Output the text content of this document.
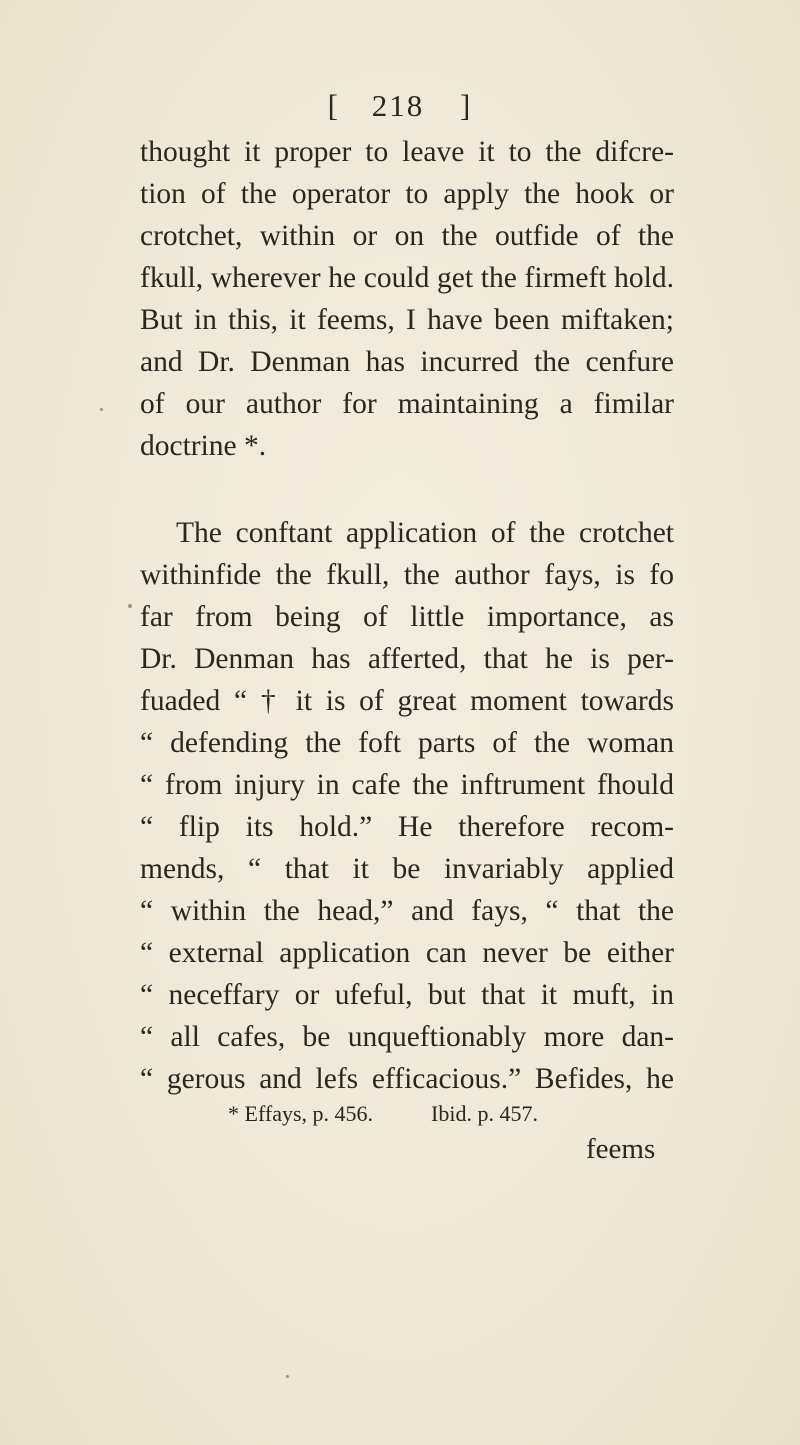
[ 218 ]
thought it proper to leave it to the difcre-
tion of the operator to apply the hook or
crotchet, within or on the outfide of the
fkull, wherever he could get the firmeft hold.
But in this, it feems, I have been miftaken;
and Dr. Denman has incurred the cenfure
of our author for maintaining a fimilar
doctrine *.
The conftant application of the crotchet
withinfide the fkull, the author fays, is fo
far from being of little importance, as
Dr. Denman has afferted, that he is per-
fuaded “ † it is of great moment towards
“ defending the foft parts of the woman
“ from injury in cafe the inftrument fhould
“ flip its hold.” He therefore recom-
mends, “ that it be invariably applied
“ within the head,” and fays, “ that the
“ external application can never be either
“ neceffary or ufeful, but that it muft, in
“ all cafes, be unqueftionably more dan-
“ gerous and lefs efficacious.” Befides, he
* Effays, p. 456.	Ibid. p. 457.
feems
